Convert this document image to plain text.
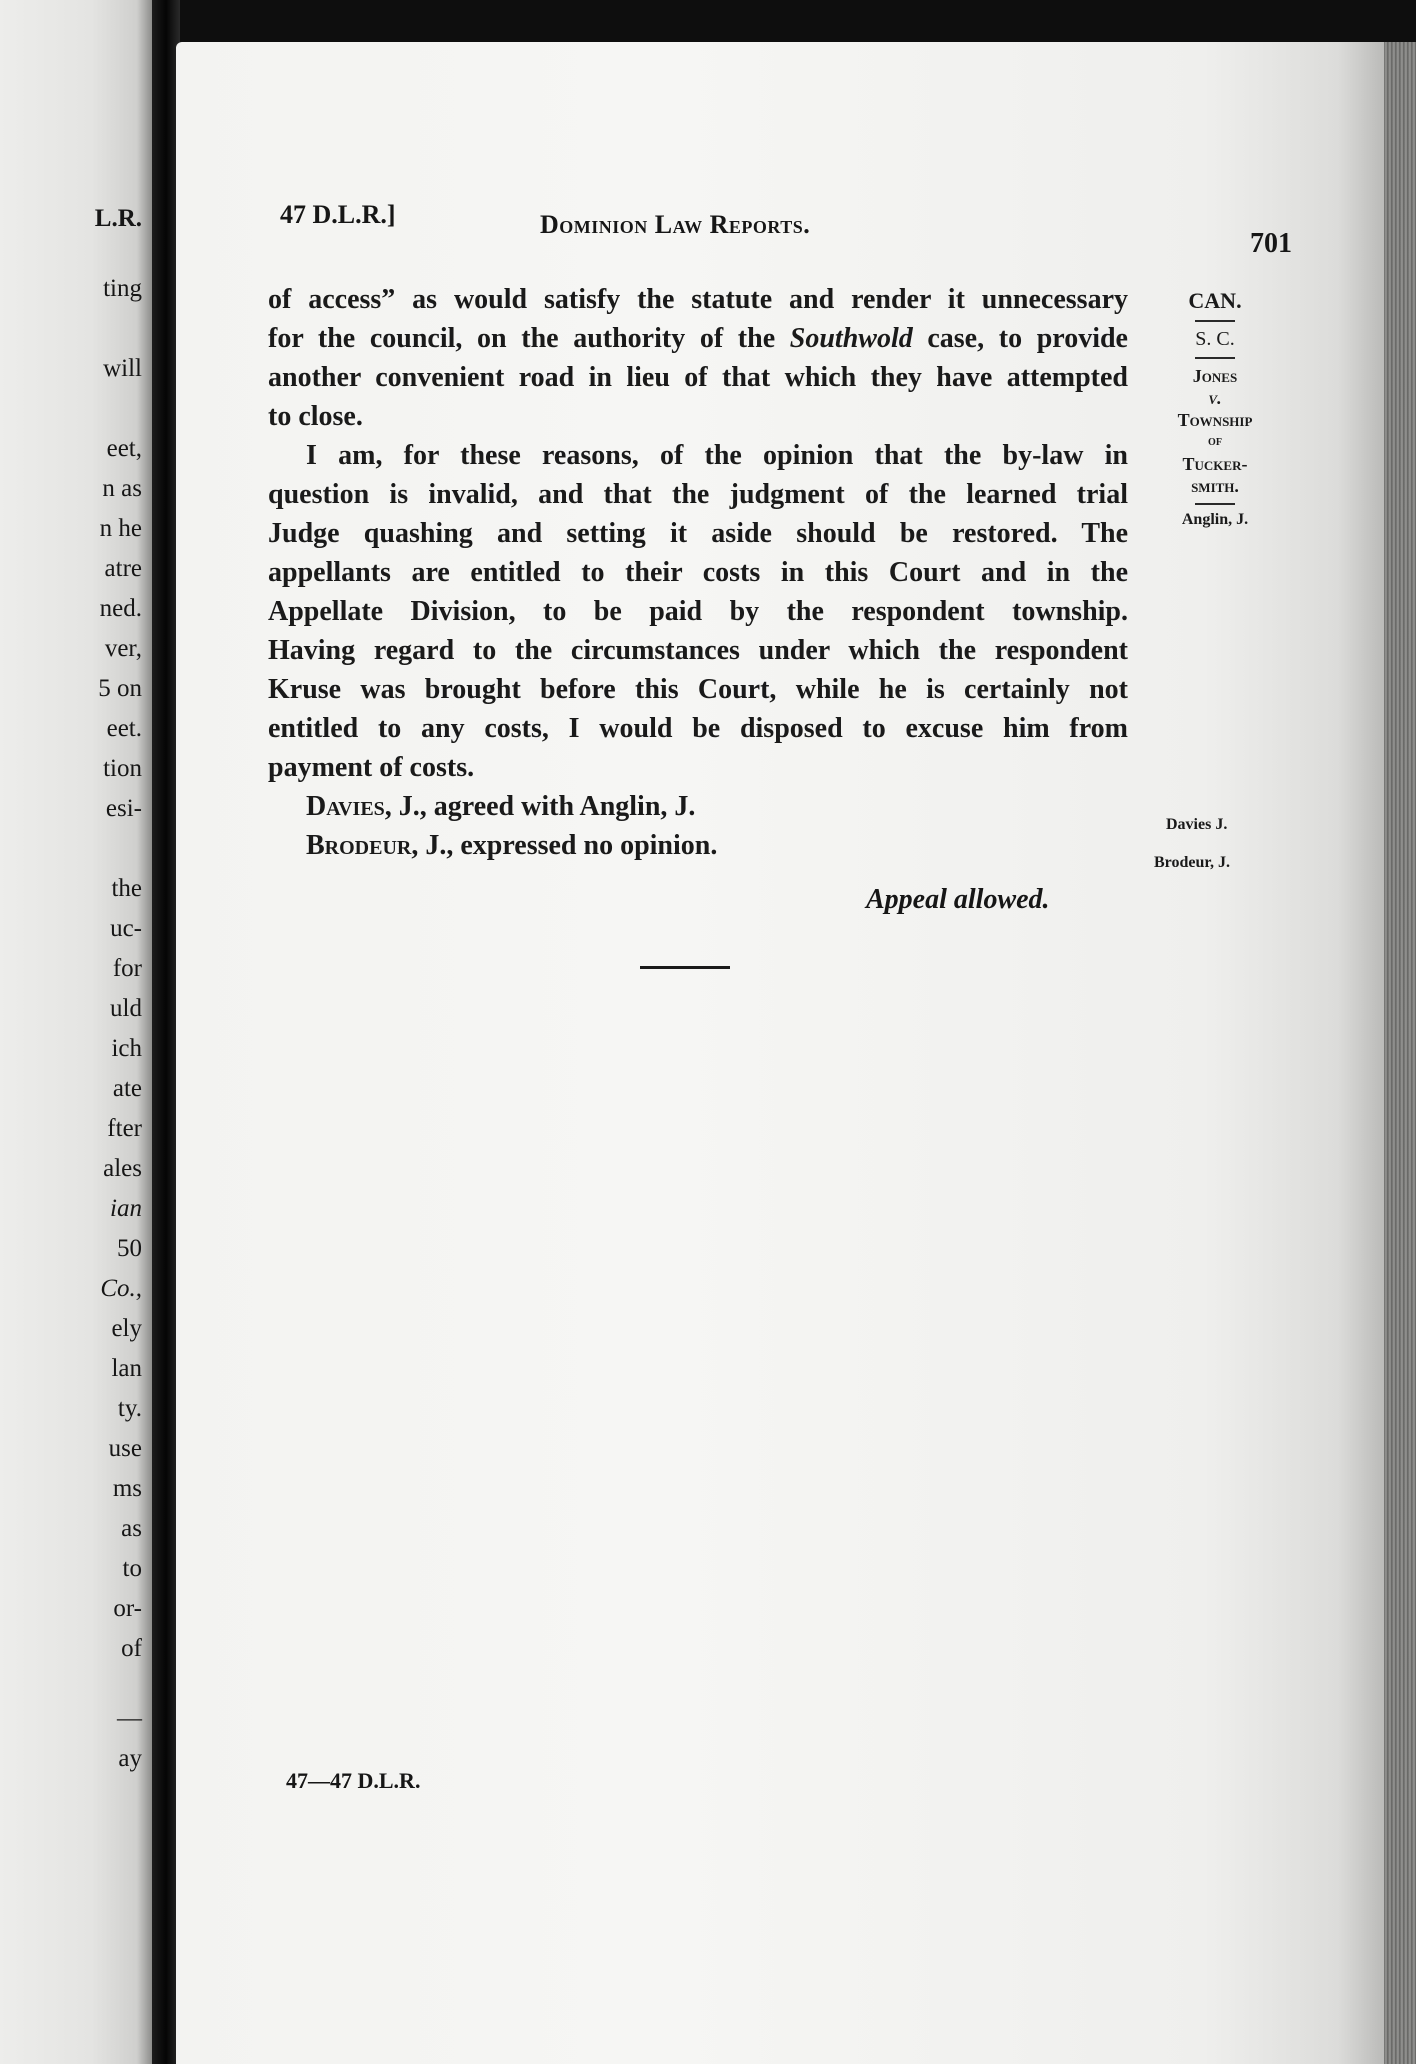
L.R.
ting
will
eet,
n as
n he
atre
ned.
ver,
5 on
eet.
tion
esi-
the
uc-
for
uld
ich
ate
fter
ales
ian
50
Co.,
ely
lan
ty.
use
ms
as
to
or-
of
—
ay
47 D.L.R.]	Dominion Law Reports.
701
of access” as would satisfy the statute and render it unnecessary
for the council, on the authority of the Southwold case, to provide
another convenient road in lieu of that which they have attempted
to close.
I am, for these reasons, of the opinion that the by-law in
question is invalid, and that the judgment of the learned trial
Judge quashing and setting it aside should be restored. The
appellants are entitled to their costs in this Court and in the
Appellate Division, to be paid by the respondent township.
Having regard to the circumstances under which the respondent
Kruse was brought before this Court, while he is certainly not
entitled to any costs, I would be disposed to excuse him from
payment of costs.
Davies, J., agreed with Anglin, J.
Brodeur, J., expressed no opinion.
Appeal allowed.
CAN.
S. C.
Jones
v.
Township
of
Tucker-
smith.
Anglin, J.
Davies J.
Brodeur, J.
47—47 D.L.R.
